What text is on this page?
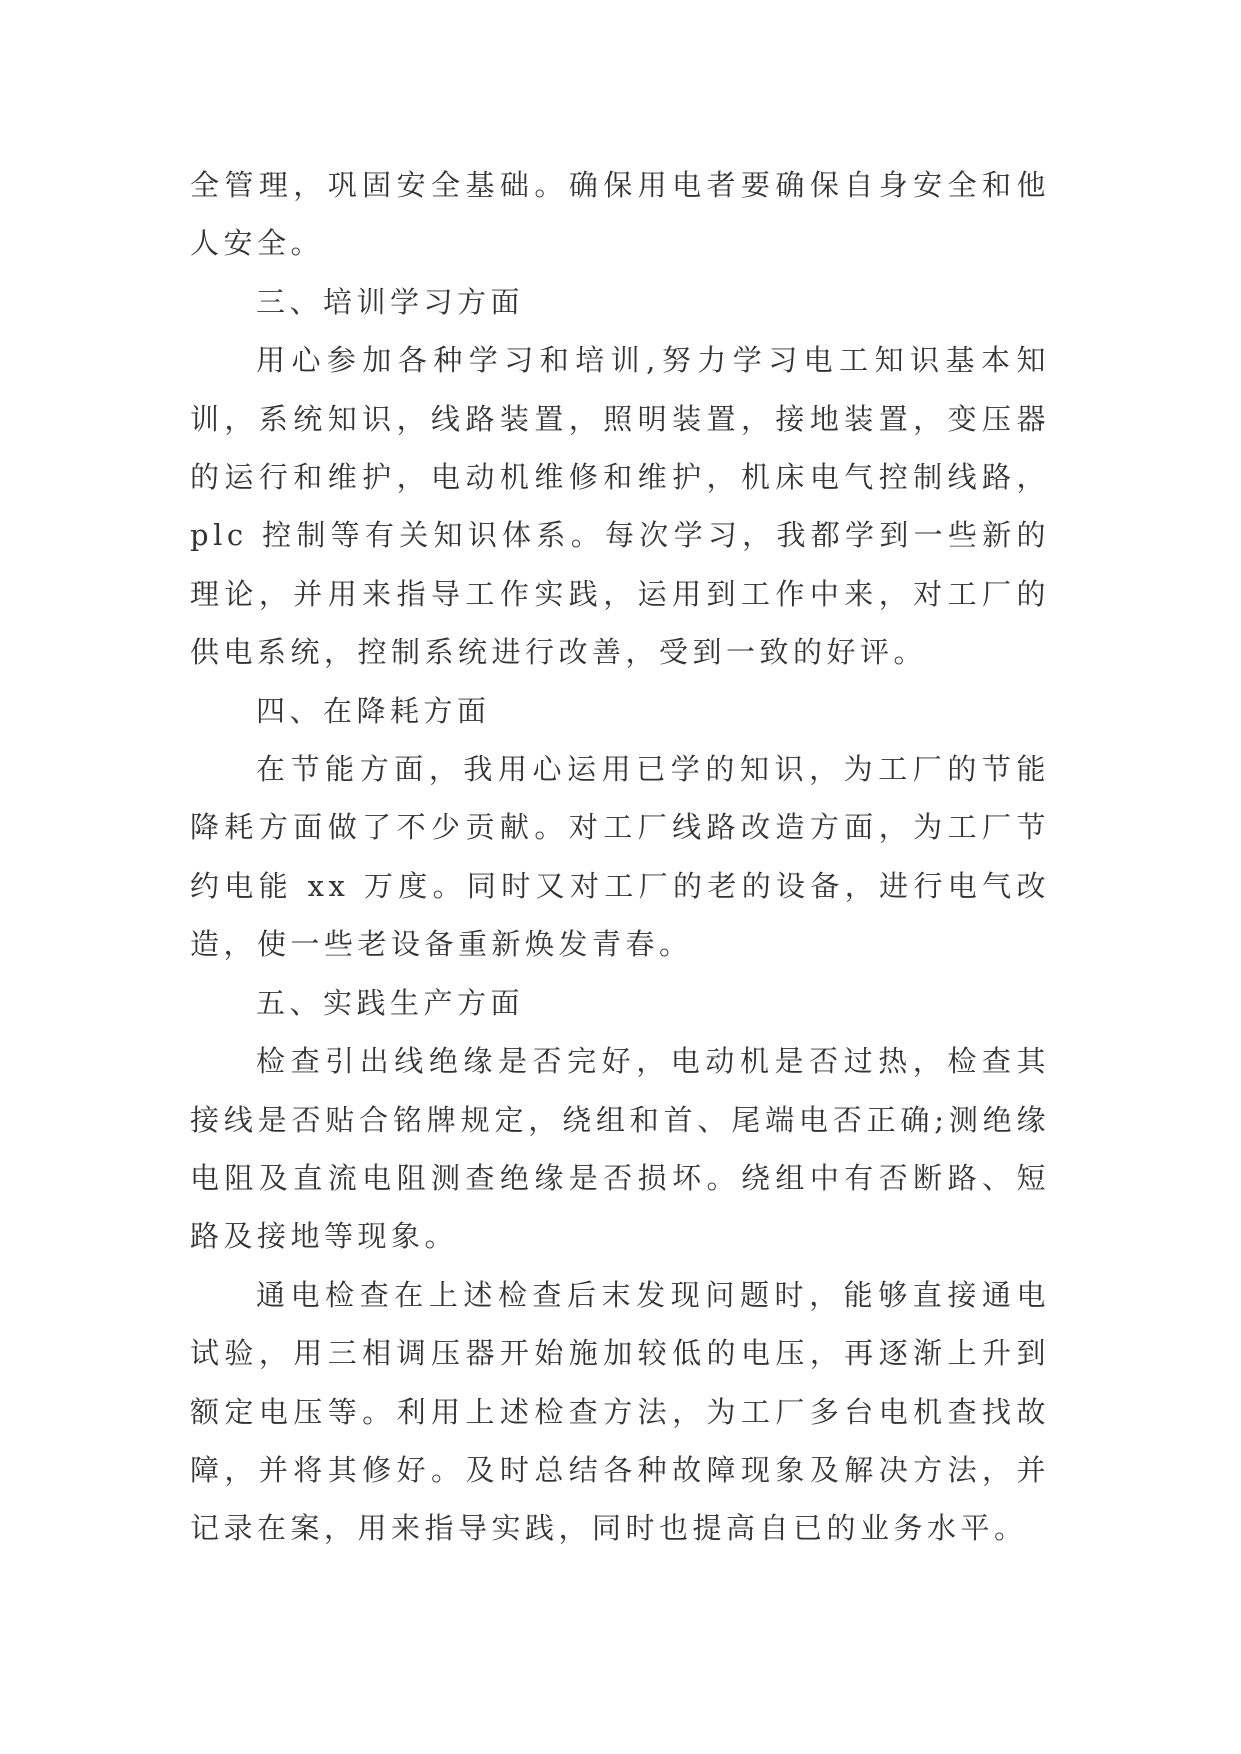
全管理，巩固安全基础。确保用电者要确保自身安全和他人安全。

三、培训学习方面

用心参加各种学习和培训,努力学习电工知识基本知训，系统知识，线路装置，照明装置，接地装置，变压器的运行和维护，电动机维修和维护，机床电气控制线路，plc 控制等有关知识体系。每次学习，我都学到一些新的理论，并用来指导工作实践，运用到工作中来，对工厂的供电系统，控制系统进行改善，受到一致的好评。

四、在降耗方面

在节能方面，我用心运用已学的知识，为工厂的节能降耗方面做了不少贡献。对工厂线路改造方面，为工厂节约电能 xx 万度。同时又对工厂的老的设备，进行电气改造，使一些老设备重新焕发青春。

五、实践生产方面

检查引出线绝缘是否完好，电动机是否过热，检查其接线是否贴合铭牌规定，绕组和首、尾端电否正确;测绝缘电阻及直流电阻测查绝缘是否损坏。绕组中有否断路、短路及接地等现象。

通电检查在上述检查后末发现问题时，能够直接通电试验，用三相调压器开始施加较低的电压，再逐渐上升到额定电压等。利用上述检查方法，为工厂多台电机查找故障，并将其修好。及时总结各种故障现象及解决方法，并记录在案，用来指导实践，同时也提高自已的业务水平。
